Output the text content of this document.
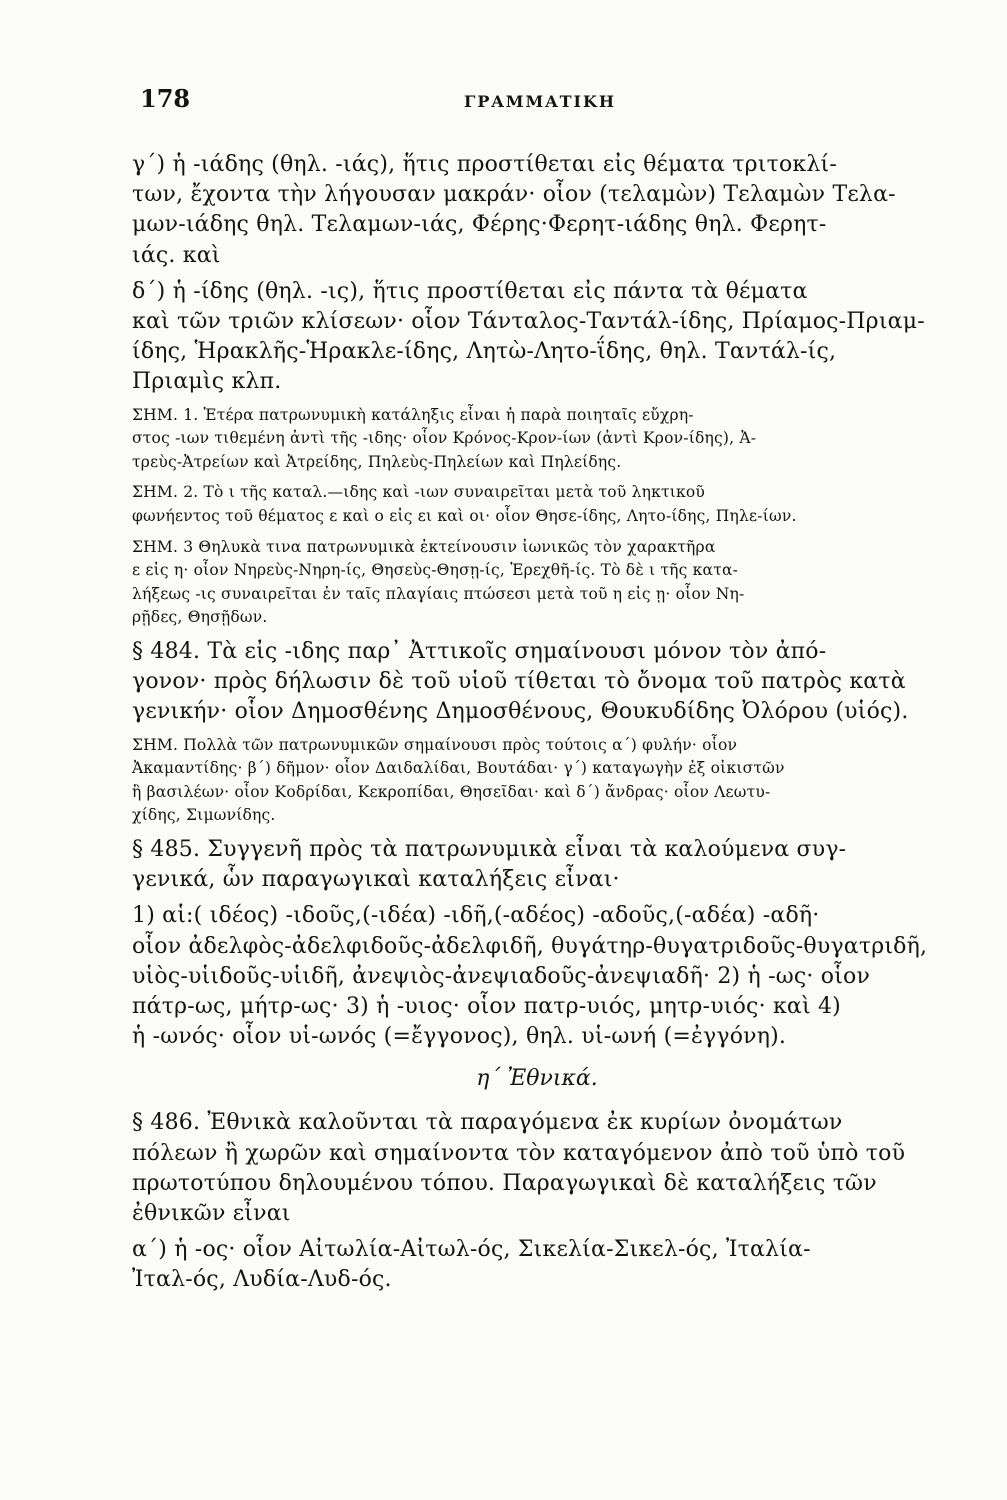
178	ΓΡΑΜΜΑΤΙΚΗ
γ΄) ἡ -ιάδης (θηλ. -ιάς), ἥτις προστίθεται εἰς θέματα τριτοκλί-
των, ἔχοντα τὴν λήγουσαν μακράν· οἷον (τελαμὼν) Τελαμὼν Τελα-
μων-ιάδης θηλ. Τελαμων-ιάς, Φέρης·Φερητ-ιάδης θηλ. Φερητ-
ιάς. καὶ
δ΄) ἡ -ίδης (θηλ. -ις), ἥτις προστίθεται εἰς πάντα τὰ θέματα
καὶ τῶν τριῶν κλίσεων· οἷον Τάνταλος-Ταντάλ-ίδης, Πρίαμος-Πριαμ-
ίδης, Ἡρακλῆς-Ἡρακλε-ίδης, Λητὼ-Λητο-ΐδης, θηλ. Ταντάλ-ίς,
Πριαμὶς κλπ.
ΣΗΜ. 1. Ἑτέρα πατρωνυμικὴ κατάληξις εἶναι ἡ παρὰ ποιηταῖς εὔχρη-
στος -ιων τιθεμένη ἀντὶ τῆς -ιδης· οἷον Κρόνος-Κρον-ίων (ἀντὶ Κρον-ίδης), Ἀ-
τρεὺς-Ἀτρείων καὶ Ἀτρείδης, Πηλεὺς-Πηλείων καὶ Πηλείδης.
ΣΗΜ. 2. Τὸ ι τῆς καταλ.—ιδης καὶ -ιων συναιρεῖται μετὰ τοῦ ληκτικοῦ
φωνήεντος τοῦ θέματος ε καὶ ο εἰς ει καὶ οι· οἷον Θησε-ίδης, Λητο-ίδης, Πηλε-ίων.
ΣΗΜ. 3 Θηλυκὰ τινα πατρωνυμικὰ ἐκτείνουσιν ἰωνικῶς τὸν χαρακτῆρα
ε εἰς η· οἷον Νηρεὺς-Νηρη-ίς, Θησεὺς-Θησῃ-ίς, Ἐρεχθῆ-ίς. Τὸ δὲ ι τῆς κατα-
λήξεως -ις συναιρεῖται ἐν ταῖς πλαγίαις πτώσεσι μετὰ τοῦ η εἰς ῃ· οἷον Νη-
ρῇδες, Θησῇδων.
§ 484. Τὰ εἰς -ιδης παρ᾽ Ἀττικοῖς σημαίνουσι μόνον τὸν ἀπό-
γονον· πρὸς δήλωσιν δὲ τοῦ υἱοῦ τίθεται τὸ ὄνομα τοῦ πατρὸς κατὰ
γενικήν· οἷον Δημοσθένης Δημοσθένους, Θουκυδίδης Ὀλόρου (υἱός).
ΣΗΜ. Πολλὰ τῶν πατρωνυμικῶν σημαίνουσι πρὸς τούτοις α΄) φυλήν· οἷον
Ἀκαμαντίδης· β΄) δῆμον· οἷον Δαιδαλίδαι, Βουτάδαι· γ΄) καταγωγὴν ἐξ οἰκιστῶν
ἢ βασιλέων· οἷον Κοδρίδαι, Κεκροπίδαι, Θησεῖδαι· καὶ δ΄) ἄνδρας· οἷον Λεωτυ-
χίδης, Σιμωνίδης.
§ 485. Συγγενῆ πρὸς τὰ πατρωνυμικὰ εἶναι τὰ καλούμενα συγ-
γενικά, ὧν παραγωγικαὶ καταλήξεις εἶναι·
1) αἱ:( ιδέος) -ιδοῦς,(-ιδέα) -ιδῆ,(-αδέος) -αδοῦς,(-αδέα) -αδῆ·
οἷον ἀδελφὸς-ἀδελφιδοῦς-ἀδελφιδῆ, θυγάτηρ-θυγατριδοῦς-θυγατριδῆ,
υἱὸς-υἱιδοῦς-υἱιδῆ, ἀνεψιὸς-ἀνεψιαδοῦς-ἀνεψιαδῆ· 2) ἡ -ως· οἷον
πάτρ-ως, μήτρ-ως· 3) ἡ -υιος· οἷον πατρ-υιός, μητρ-υιός· καὶ 4)
ἡ -ωνός· οἷον υἱ-ωνός (=ἔγγονος), θηλ. υἱ-ωνή (=ἐγγόνη).
η΄ Ἐθνικά.
§ 486. Ἐθνικὰ καλοῦνται τὰ παραγόμενα ἐκ κυρίων ὀνομάτων
πόλεων ἢ χωρῶν καὶ σημαίνοντα τὸν καταγόμενον ἀπὸ τοῦ ὑπὸ τοῦ
πρωτοτύπου δηλουμένου τόπου. Παραγωγικαὶ δὲ καταλήξεις τῶν
ἐθνικῶν εἶναι
α΄) ἡ -ος· οἷον Αἰτωλία-Αἰτωλ-ός, Σικελία-Σικελ-ός, Ἰταλία-
Ἰταλ-ός, Λυδία-Λυδ-ός.
